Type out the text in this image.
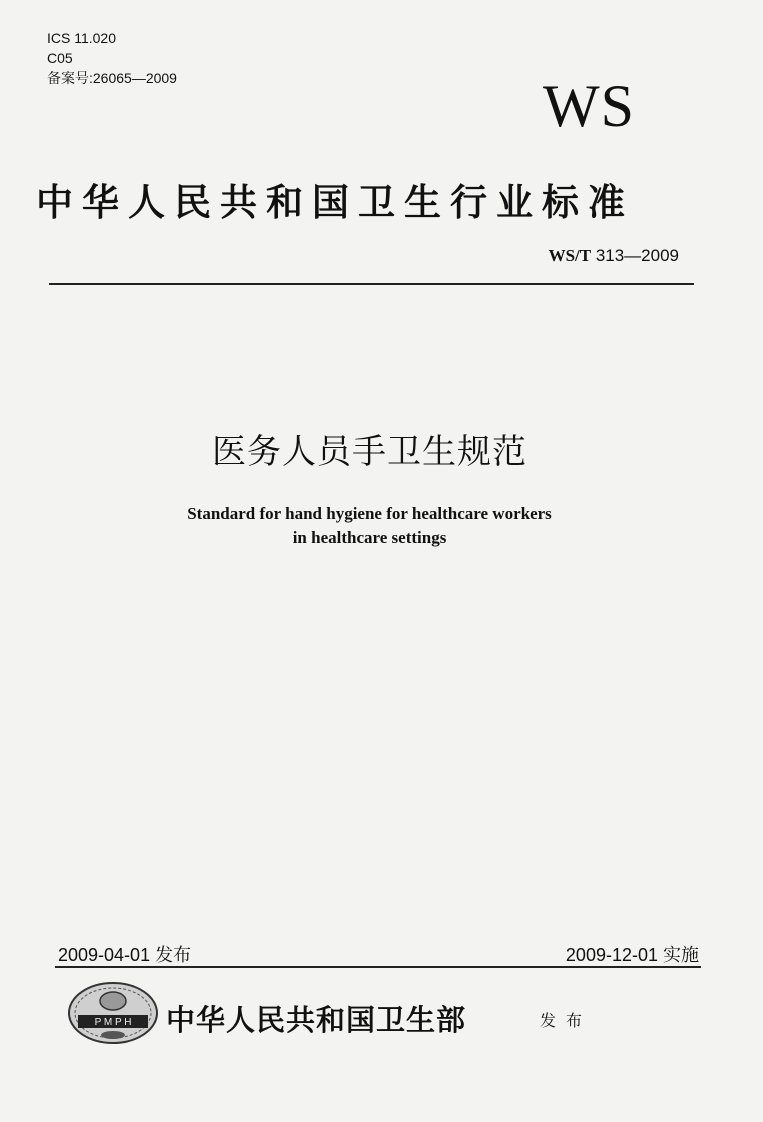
ICS 11.020
C05
备案号:26065—2009	WS
中华人民共和国卫生行业标准
WS/T 313—2009
医务人员手卫生规范
Standard for hand hygiene for healthcare workers
in healthcare settings
2009-04-01 发布	2009-12-01 实施
P M P H 中华人民共和国卫生部	发布
